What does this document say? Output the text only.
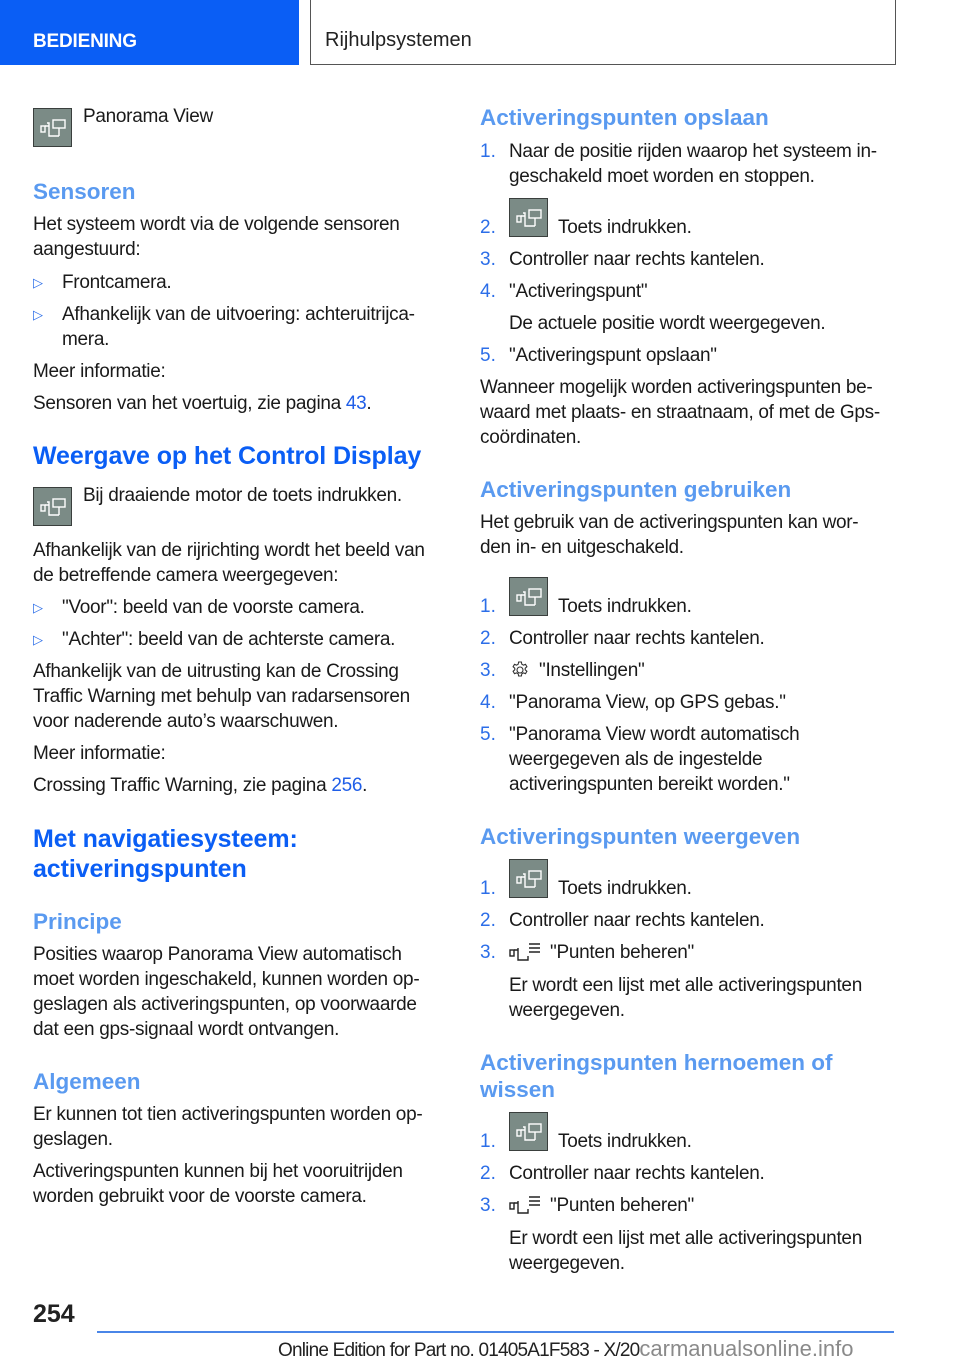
BEDIENING	Rijhulpsystemen
Panorama View
Sensoren
Het systeem wordt via de volgende sensoren
aangestuurd:
▷ Frontcamera.
▷ Afhankelijk van de uitvoering: achteruitrijca-
mera.
Meer informatie:
Sensoren van het voertuig, zie pagina 43.
Weergave op het Control Display
Bij draaiende motor de toets indrukken.
Afhankelijk van de rijrichting wordt het beeld van
de betreffende camera weergegeven:
▷ "Voor": beeld van de voorste camera.
▷ "Achter": beeld van de achterste camera.
Afhankelijk van de uitrusting kan de Crossing
Traffic Warning met behulp van radarsensoren
voor naderende auto’s waarschuwen.
Meer informatie:
Crossing Traffic Warning, zie pagina 256.
Met navigatiesysteem:
activeringspunten
Principe
Posities waarop Panorama View automatisch
moet worden ingeschakeld, kunnen worden op-
geslagen als activeringspunten, op voorwaarde
dat een gps-signaal wordt ontvangen.
Algemeen
Er kunnen tot tien activeringspunten worden op-
geslagen.
Activeringspunten kunnen bij het vooruitrijden
worden gebruikt voor de voorste camera.
Activeringspunten opslaan
1. Naar de positie rijden waarop het systeem in-
geschakeld moet worden en stoppen.
2.	Toets indrukken.
3. Controller naar rechts kantelen.
4. "Activeringspunt"
De actuele positie wordt weergegeven.
5. "Activeringspunt opslaan"
Wanneer mogelijk worden activeringspunten be-
waard met plaats- en straatnaam, of met de Gps-
coördinaten.
Activeringspunten gebruiken
Het gebruik van de activeringspunten kan wor-
den in- en uitgeschakeld.
1.	Toets indrukken.
2. Controller naar rechts kantelen.
3. "Instellingen"
4. "Panorama View, op GPS gebas."
5. "Panorama View wordt automatisch
weergegeven als de ingestelde
activeringspunten bereikt worden."
Activeringspunten weergeven
1.	Toets indrukken.
2. Controller naar rechts kantelen.
3.	"Punten beheren"
Er wordt een lijst met alle activeringspunten
weergegeven.
Activeringspunten hernoemen of
wissen
1.	Toets indrukken.
2. Controller naar rechts kantelen.
3.	"Punten beheren"
Er wordt een lijst met alle activeringspunten
weergegeven.
254
Online Edition for Part no. 01405A1F583 - X/20carmanualsonline.info
